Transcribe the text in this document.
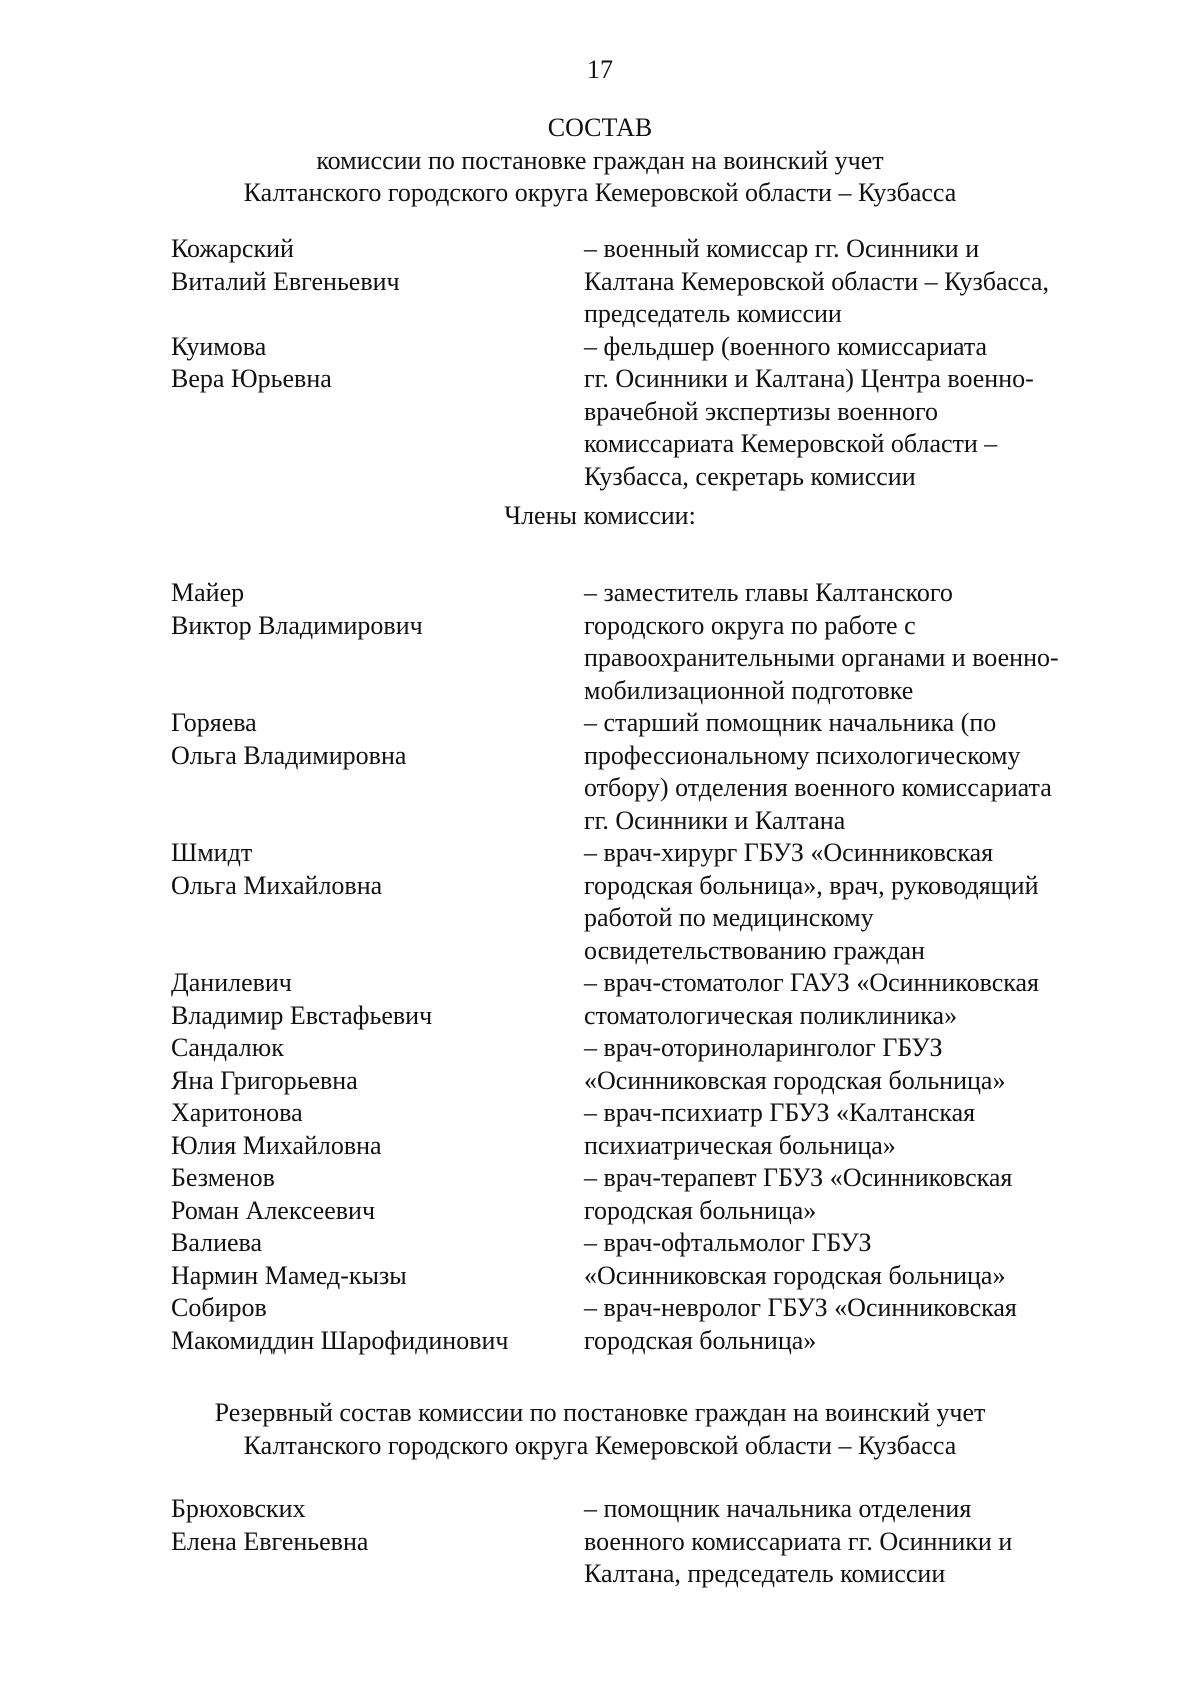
17
СОСТАВ
комиссии по постановке граждан на воинский учет
Калтанского городского округа Кемеровской области – Кузбасса
Кожарский
Виталий Евгеньевич
– военный комиссар гг. Осинники и
Калтана Кемеровской области – Кузбасса,
председатель комиссии
Куимова
Вера Юрьевна
– фельдшер (военного комиссариата
гг. Осинники и Калтана) Центра военно-
врачебной экспертизы военного
комиссариата Кемеровской области –
Кузбасса, секретарь комиссии
Члены комиссии:
Майер
Виктор Владимирович
– заместитель главы Калтанского
городского округа по работе с
правоохранительными органами и военно-
мобилизационной подготовке
Горяева
Ольга Владимировна
– старший помощник начальника (по
профессиональному психологическому
отбору) отделения военного комиссариата
гг. Осинники и Калтана
Шмидт
Ольга Михайловна
– врач-хирург ГБУЗ «Осинниковская
городская больница», врач, руководящий
работой по медицинскому
освидетельствованию граждан
Данилевич
Владимир Евстафьевич
– врач-стоматолог ГАУЗ «Осинниковская
стоматологическая поликлиника»
Сандалюк
Яна Григорьевна
– врач-оториноларинголог ГБУЗ
«Осинниковская городская больница»
Харитонова
Юлия Михайловна
– врач-психиатр ГБУЗ «Калтанская
психиатрическая больница»
Безменов
Роман Алексеевич
– врач-терапевт ГБУЗ «Осинниковская
городская больница»
Валиева
Нармин Мамед-кызы
– врач-офтальмолог ГБУЗ
«Осинниковская городская больница»
Собиров
Макомиддин Шарофидинович
– врач-невролог ГБУЗ «Осинниковская
городская больница»
Резервный состав комиссии по постановке граждан на воинский учет
Калтанского городского округа Кемеровской области – Кузбасса
Брюховских
Елена Евгеньевна
– помощник начальника отделения
военного комиссариата гг. Осинники и
Калтана, председатель комиссии
